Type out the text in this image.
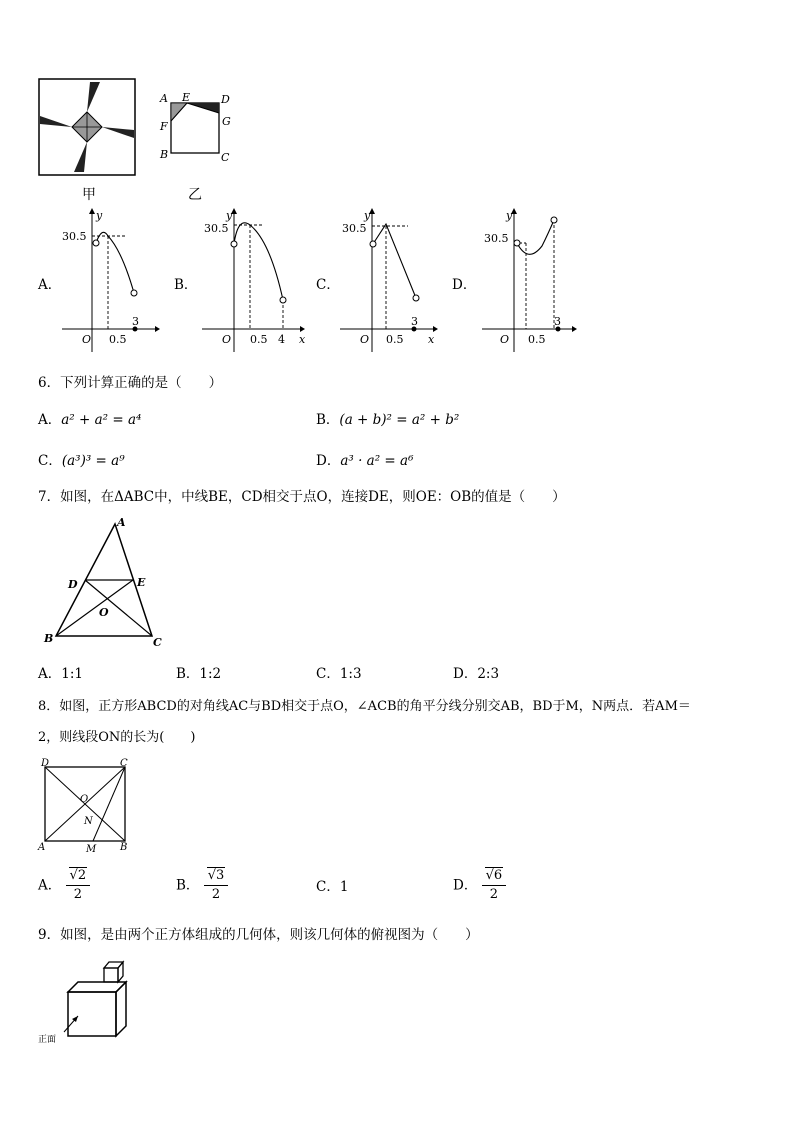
甲
A E	D
F	G
B	C
乙
A．
y
30.5
O 0.5
3
B．
y
30.5
O 0.5 4 x
C．
y
30.5
O 0.5
3
x
D．
y
30.5
O 0.5
3
6．下列计算正确的是（　　）
A．a² + a² = a⁴	B．(a + b)² = a² + b²
C．(a³)³ = a⁹	D．a³ · a² = a⁶
7．如图，在ΔABC中，中线BE，CD相交于点O，连接DE，则OE：OB的值是（　　）
A
D	E
O
B	C
A．1:1	B．1:2	C．1:3	D．2:3
8．如图，正方形ABCD的对角线AC与BD相交于点O，∠ACB的角平分线分别交AB，BD于M，N两点．若AM＝
2，则线段ON的长为(　　)
D	C
O
N
A	M B
A． $\frac{√2}{2}$	B． $\frac{√3}{2}$	C．1	D． $\frac{√6}{2}$
9．如图，是由两个正方体组成的几何体，则该几何体的俯视图为（　　）
正面
